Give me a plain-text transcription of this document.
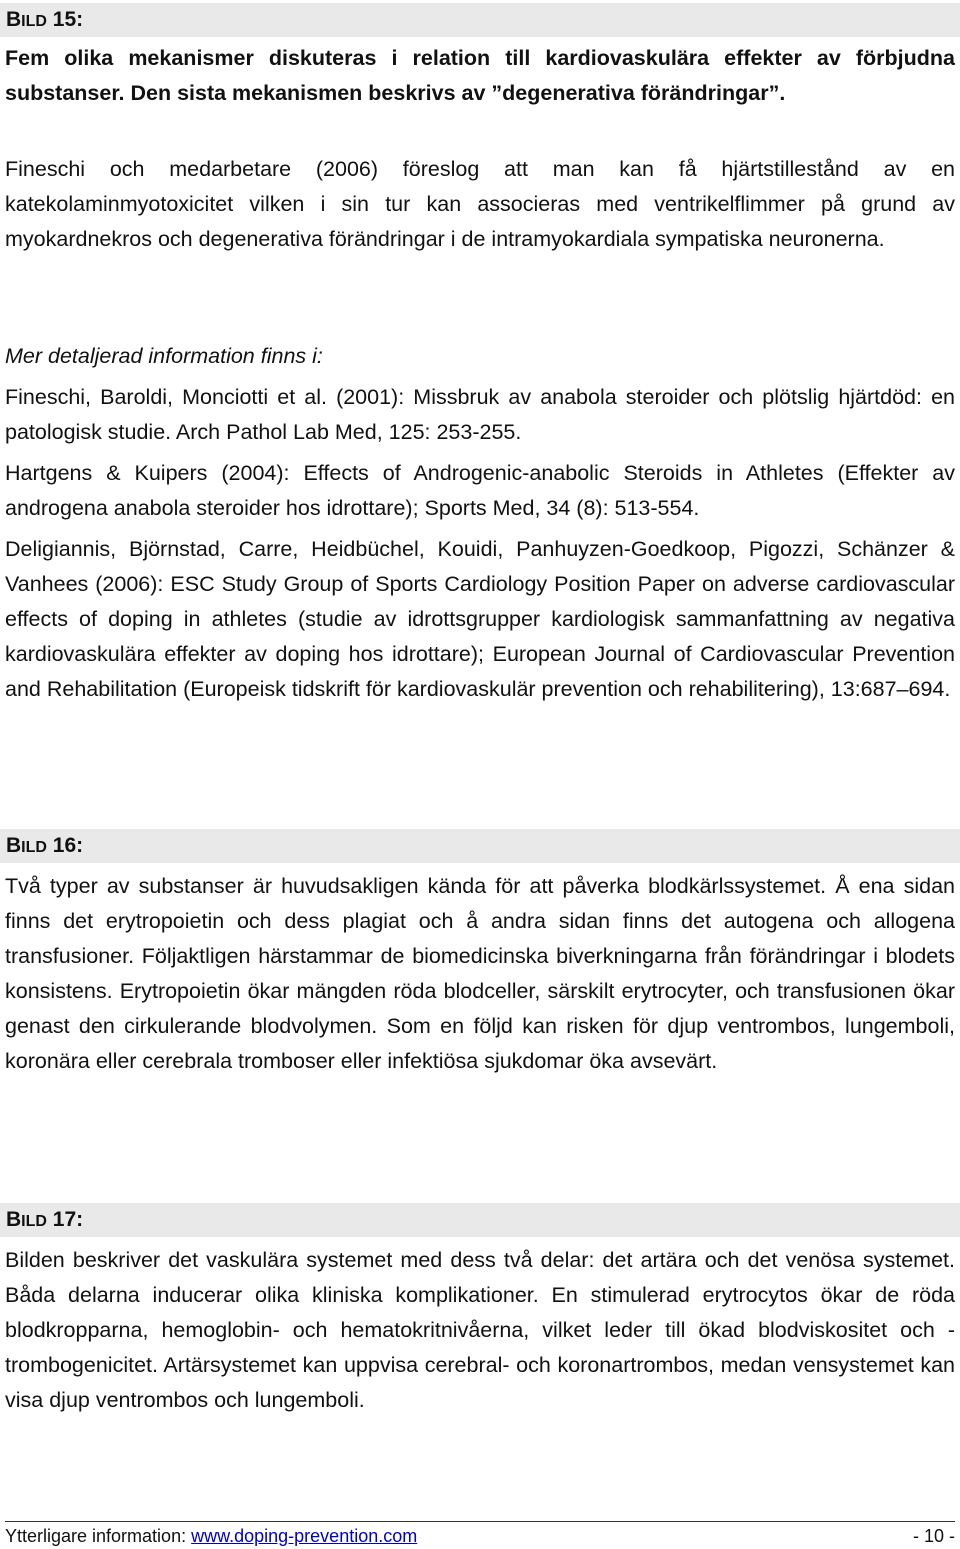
BILD 15:

Fem olika mekanismer diskuteras i relation till kardiovaskulära effekter av förbjudna substanser. Den sista mekanismen beskrivs av ”degenerativa förändringar”.

Fineschi och medarbetare (2006) föreslog att man kan få hjärtstillestånd av en katekolaminmyotoxicitet vilken i sin tur kan associeras med ventrikelflimmer på grund av myokardnekros och degenerativa förändringar i de intramyokardiala sympatiska neuronerna.

Mer detaljerad information finns i:

Fineschi, Baroldi, Monciotti et al. (2001): Missbruk av anabola steroider och plötslig hjärtdöd: en patologisk studie. Arch Pathol Lab Med, 125: 253-255.

Hartgens & Kuipers (2004): Effects of Androgenic-anabolic Steroids in Athletes (Effekter av androgena anabola steroider hos idrottare); Sports Med, 34 (8): 513-554.

Deligiannis, Björnstad, Carre, Heidbüchel, Kouidi, Panhuyzen-Goedkoop, Pigozzi, Schänzer & Vanhees (2006): ESC Study Group of Sports Cardiology Position Paper on adverse cardiovascular effects of doping in athletes (studie av idrottsgrupper kardiologisk sammanfattning av negativa kardiovaskulära effekter av doping hos idrottare); European Journal of Cardiovascular Prevention and Rehabilitation (Europeisk tidskrift för kardiovaskulär prevention och rehabilitering), 13:687–694.

BILD 16:

Två typer av substanser är huvudsakligen kända för att påverka blodkärlssystemet. Å ena sidan finns det erytropoietin och dess plagiat och å andra sidan finns det autogena och allogena transfusioner. Följaktligen härstammar de biomedicinska biverkningarna från förändringar i blodets konsistens. Erytropoietin ökar mängden röda blodceller, särskilt erytrocyter, och transfusionen ökar genast den cirkulerande blodvolymen. Som en följd kan risken för djup ventrombos, lungemboli, koronära eller cerebrala tromboser eller infektiösa sjukdomar öka avsevärt.

BILD 17:

Bilden beskriver det vaskulära systemet med dess två delar: det artära och det venösa systemet. Båda delarna inducerar olika kliniska komplikationer. En stimulerad erytrocytos ökar de röda blodkropparna, hemoglobin- och hematokritnivåerna, vilket leder till ökad blodviskositet och -trombogenicitet. Artärsystemet kan uppvisa cerebral- och koronartrombos, medan vensystemet kan visa djup ventrombos och lungemboli.

Ytterligare information: www.doping-prevention.com	- 10 -
